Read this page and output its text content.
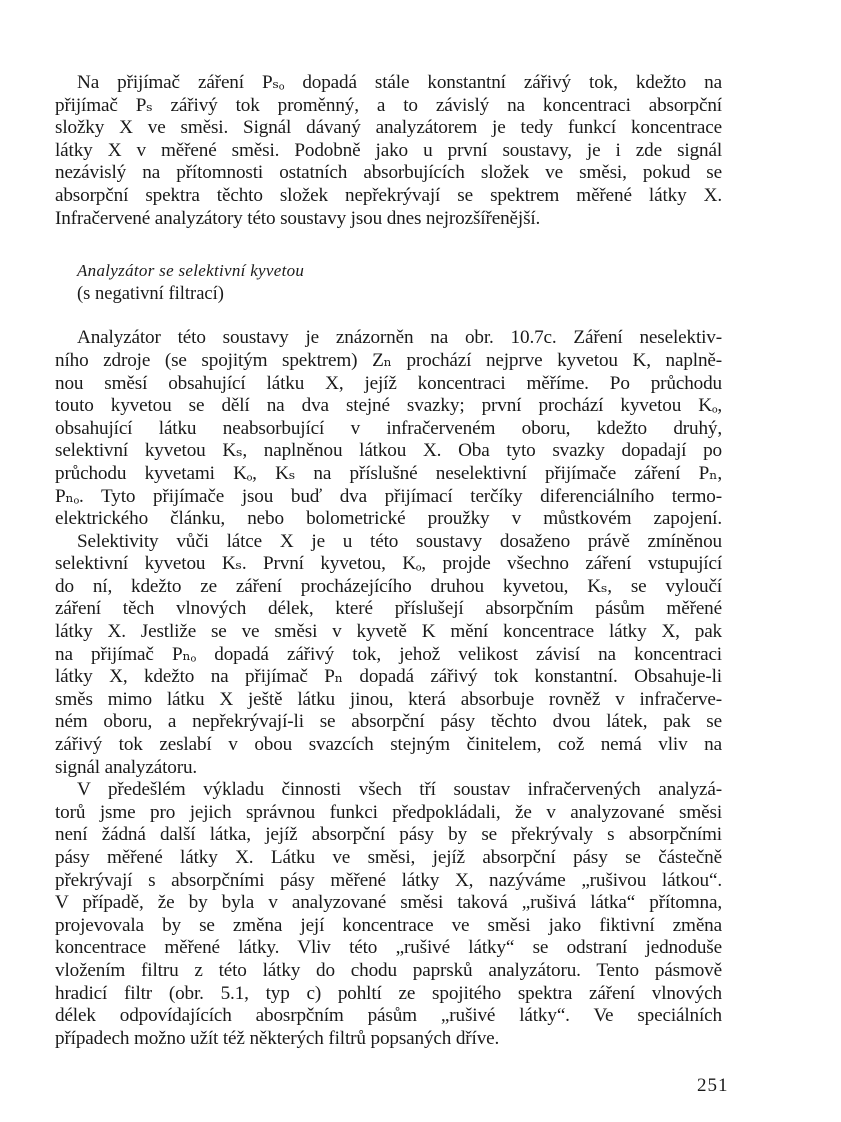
Na přijímač záření Pₛₒ dopadá stále konstantní zářivý tok, kdežto na
přijímač Pₛ zářivý tok proměnný, a to závislý na koncentraci absorpční
složky X ve směsi. Signál dávaný analyzátorem je tedy funkcí koncentrace
látky X v měřené směsi. Podobně jako u první soustavy, je i zde signál
nezávislý na přítomnosti ostatních absorbujících složek ve směsi, pokud se
absorpční spektra těchto složek nepřekrývají se spektrem měřené látky X.
Infračervené analyzátory této soustavy jsou dnes nejrozšířenější.
Analyzátor se selektivní kyvetou
(s negativní filtrací)
Analyzátor této soustavy je znázorněn na obr. 10.7c. Záření neselektiv-
ního zdroje (se spojitým spektrem) Zₙ prochází nejprve kyvetou K, naplně-
nou směsí obsahující látku X, jejíž koncentraci měříme. Po průchodu
touto kyvetou se dělí na dva stejné svazky; první prochází kyvetou Kₒ,
obsahující látku neabsorbující v infračerveném oboru, kdežto druhý,
selektivní kyvetou Kₛ, naplněnou látkou X. Oba tyto svazky dopadají po
průchodu kyvetami Kₒ, Kₛ na příslušné neselektivní přijímače záření Pₙ,
Pₙₒ. Tyto přijímače jsou buď dva přijímací terčíky diferenciálního termo-
elektrického článku, nebo bolometrické proužky v můstkovém zapojení.
Selektivity vůči látce X je u této soustavy dosaženo právě zmíněnou
selektivní kyvetou Kₛ. První kyvetou, Kₒ, projde všechno záření vstupující
do ní, kdežto ze záření procházejícího druhou kyvetou, Kₛ, se vyloučí
záření těch vlnových délek, které příslušejí absorpčním pásům měřené
látky X. Jestliže se ve směsi v kyvetě K mění koncentrace látky X, pak
na přijímač Pₙₒ dopadá zářivý tok, jehož velikost závisí na koncentraci
látky X, kdežto na přijímač Pₙ dopadá zářivý tok konstantní. Obsahuje-li
směs mimo látku X ještě látku jinou, která absorbuje rovněž v infračerve-
ném oboru, a nepřekrývají-li se absorpční pásy těchto dvou látek, pak se
zářivý tok zeslabí v obou svazcích stejným činitelem, což nemá vliv na
signál analyzátoru.
V předešlém výkladu činnosti všech tří soustav infračervených analyzá-
torů jsme pro jejich správnou funkci předpokládali, že v analyzované směsi
není žádná další látka, jejíž absorpční pásy by se překrývaly s absorpčními
pásy měřené látky X. Látku ve směsi, jejíž absorpční pásy se částečně
překrývají s absorpčními pásy měřené látky X, nazýváme „rušivou látkou“.
V případě, že by byla v analyzované směsi taková „rušivá látka“ přítomna,
projevovala by se změna její koncentrace ve směsi jako fiktivní změna
koncentrace měřené látky. Vliv této „rušivé látky“ se odstraní jednoduše
vložením filtru z této látky do chodu paprsků analyzátoru. Tento pásmově
hradicí filtr (obr. 5.1, typ c) pohltí ze spojitého spektra záření vlnových
délek odpovídajících abosrpčním pásům „rušivé látky“. Ve speciálních
případech možno užít též některých filtrů popsaných dříve.
251
